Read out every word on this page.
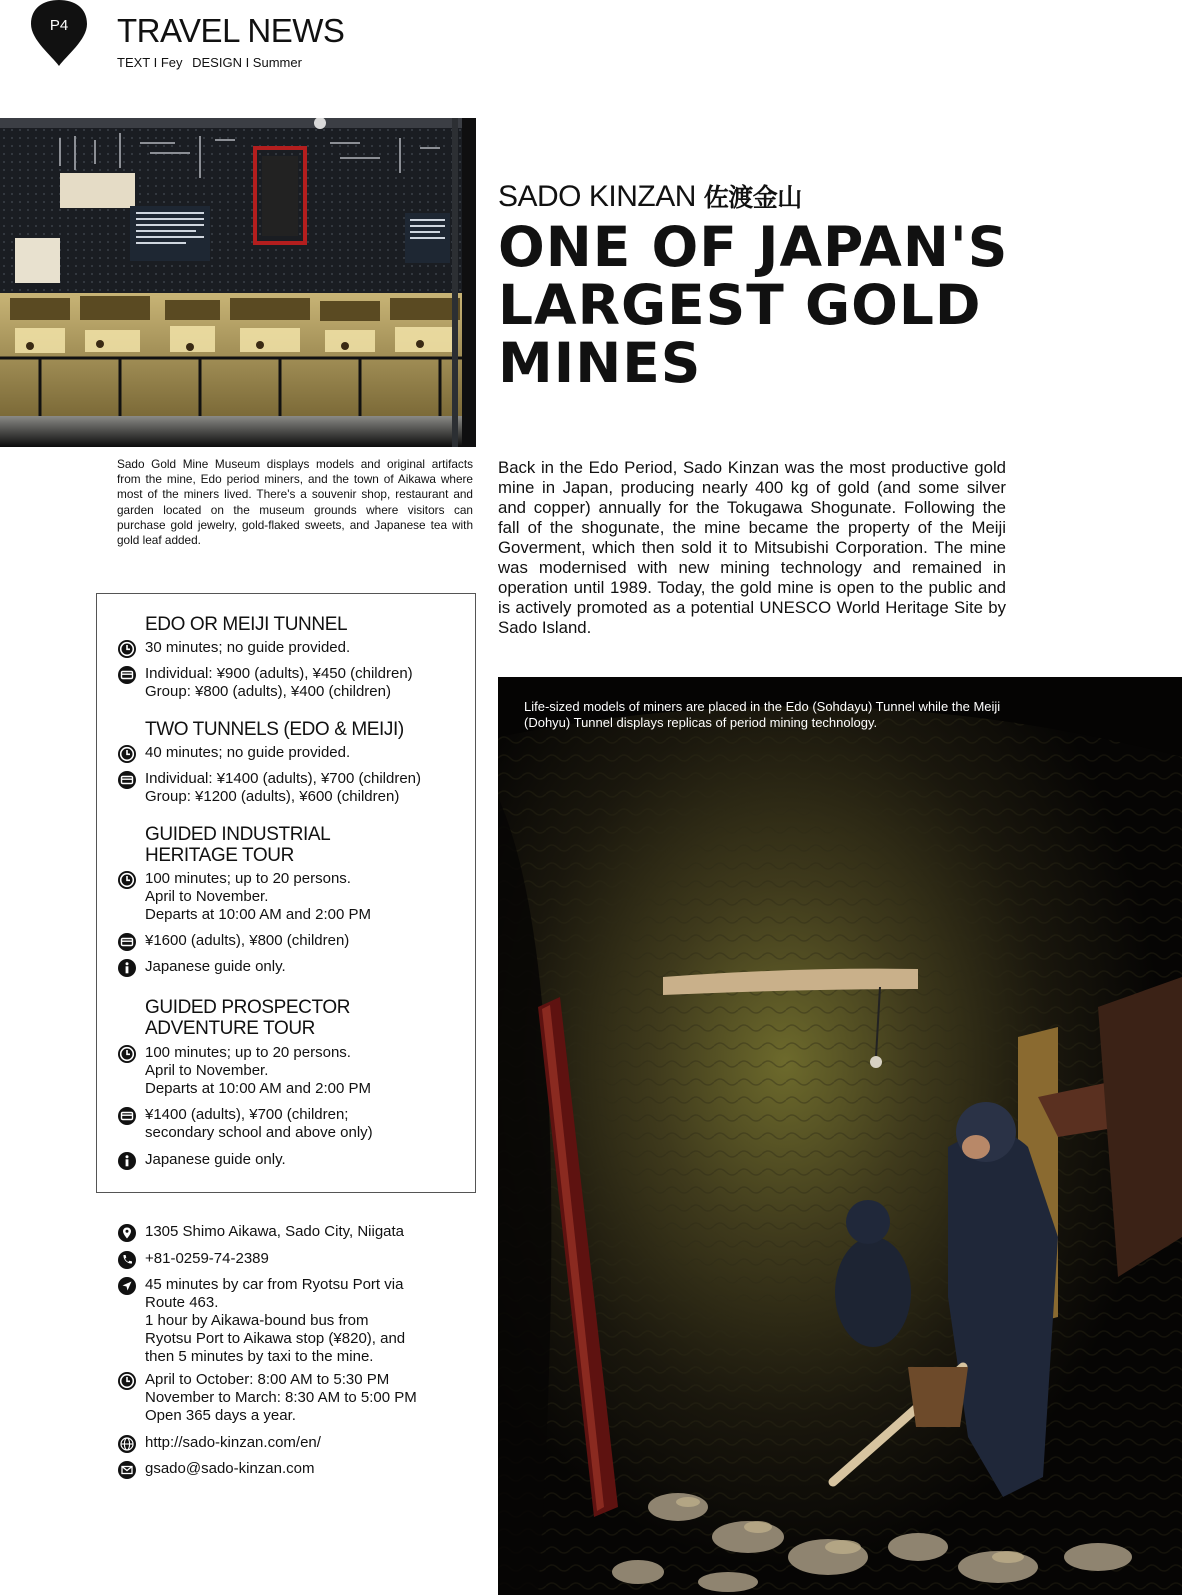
P4	TRAVEL NEWS
TEXT I Fey DESIGN I Summer
Sado Gold Mine Museum displays models and original artifacts from the mine, Edo period miners, and the town of Aikawa where most of the miners lived. There's a souvenir shop, restaurant and garden located on the museum grounds where visitors can purchase gold jewelry, gold-flaked sweets, and Japanese tea with gold leaf added.
SADO KINZAN 佐渡金山
ONE OF JAPAN'S LARGEST GOLD MINES
Back in the Edo Period, Sado Kinzan was the most productive gold mine in Japan, producing nearly 400 kg of gold (and some silver and copper) annually for the Tokugawa Shogunate. Following the fall of the shogunate, the mine became the property of the Meiji Goverment, which then sold it to Mitsubishi Corporation. The mine was modernised with new mining technology and remained in operation until 1989. Today, the gold mine is open to the public and is actively promoted as a potential UNESCO World Heritage Site by Sado Island.
EDO OR MEIJI TUNNEL
30 minutes; no guide provided.
Individual: ¥900 (adults), ¥450 (children)
Group: ¥800 (adults), ¥400 (children)
TWO TUNNELS (EDO & MEIJI)
40 minutes; no guide provided.
Individual: ¥1400 (adults), ¥700 (children)
Group: ¥1200 (adults), ¥600 (children)
GUIDED INDUSTRIAL
HERITAGE TOUR
100 minutes; up to 20 persons.
April to November.
Departs at 10:00 AM and 2:00 PM
¥1600 (adults), ¥800 (children)
Japanese guide only.
GUIDED PROSPECTOR
ADVENTURE TOUR
100 minutes; up to 20 persons.
April to November.
Departs at 10:00 AM and 2:00 PM
¥1400 (adults), ¥700 (children;
secondary school and above only)
Japanese guide only.
1305 Shimo Aikawa, Sado City, Niigata
+81-0259-74-2389
45 minutes by car from Ryotsu Port via
Route 463.
1 hour by Aikawa-bound bus from
Ryotsu Port to Aikawa stop (¥820), and
then 5 minutes by taxi to the mine.
April to October: 8:00 AM to 5:30 PM
November to March: 8:30 AM to 5:00 PM
Open 365 days a year.
http://sado-kinzan.com/en/
gsado@sado-kinzan.com
Life-sized models of miners are placed in the Edo (Sohdayu) Tunnel while the Meiji (Dohyu) Tunnel displays replicas of period mining technology.
